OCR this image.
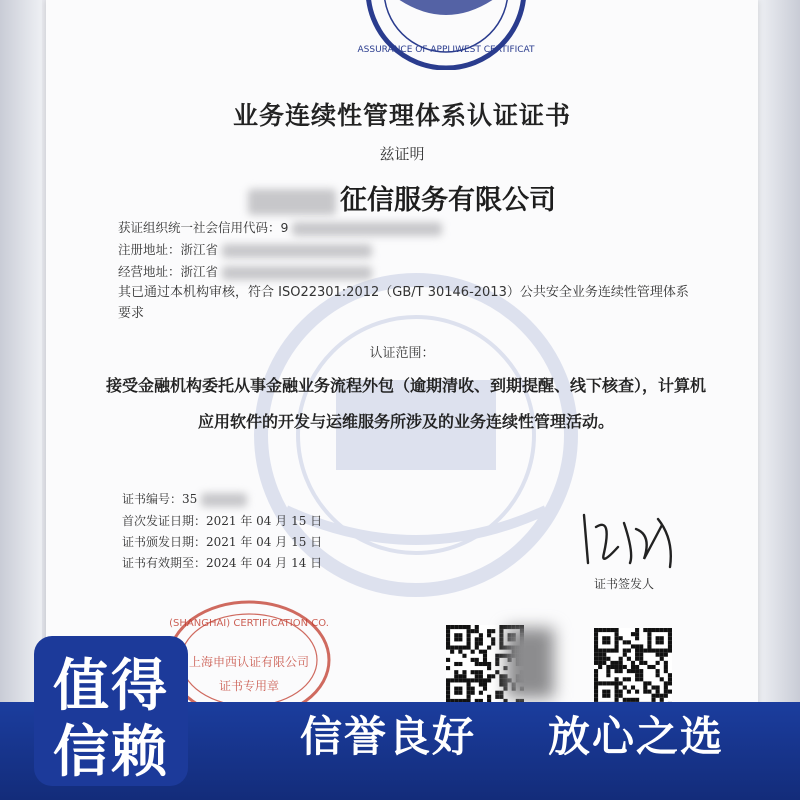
ASSURANCE OF APPLIWEST CERTIFICAT
业务连续性管理体系认证证书
兹证明
征信服务有限公司
获证组织统一社会信用代码：9
注册地址：浙江省
经营地址：浙江省
其已通过本机构审核，符合 ISO22301:2012（GB/T 30146-2013）公共安全业务连续性管理体系要求
认证范围：
接受金融机构委托从事金融业务流程外包（逾期清收、到期提醒、线下核查），计算机应用软件的开发与运维服务所涉及的业务连续性管理活动。
证书编号：35
首次发证日期：2021 年 04 月 15 日
证书颁发日期：2021 年 04 月 15 日
证书有效期至：2024 年 04 月 14 日
证书签发人
(SHANGHAI) CERTIFICATION CO.
上海申西认证有限公司
证书专用章
值得
信赖	信誉良好 放心之选
